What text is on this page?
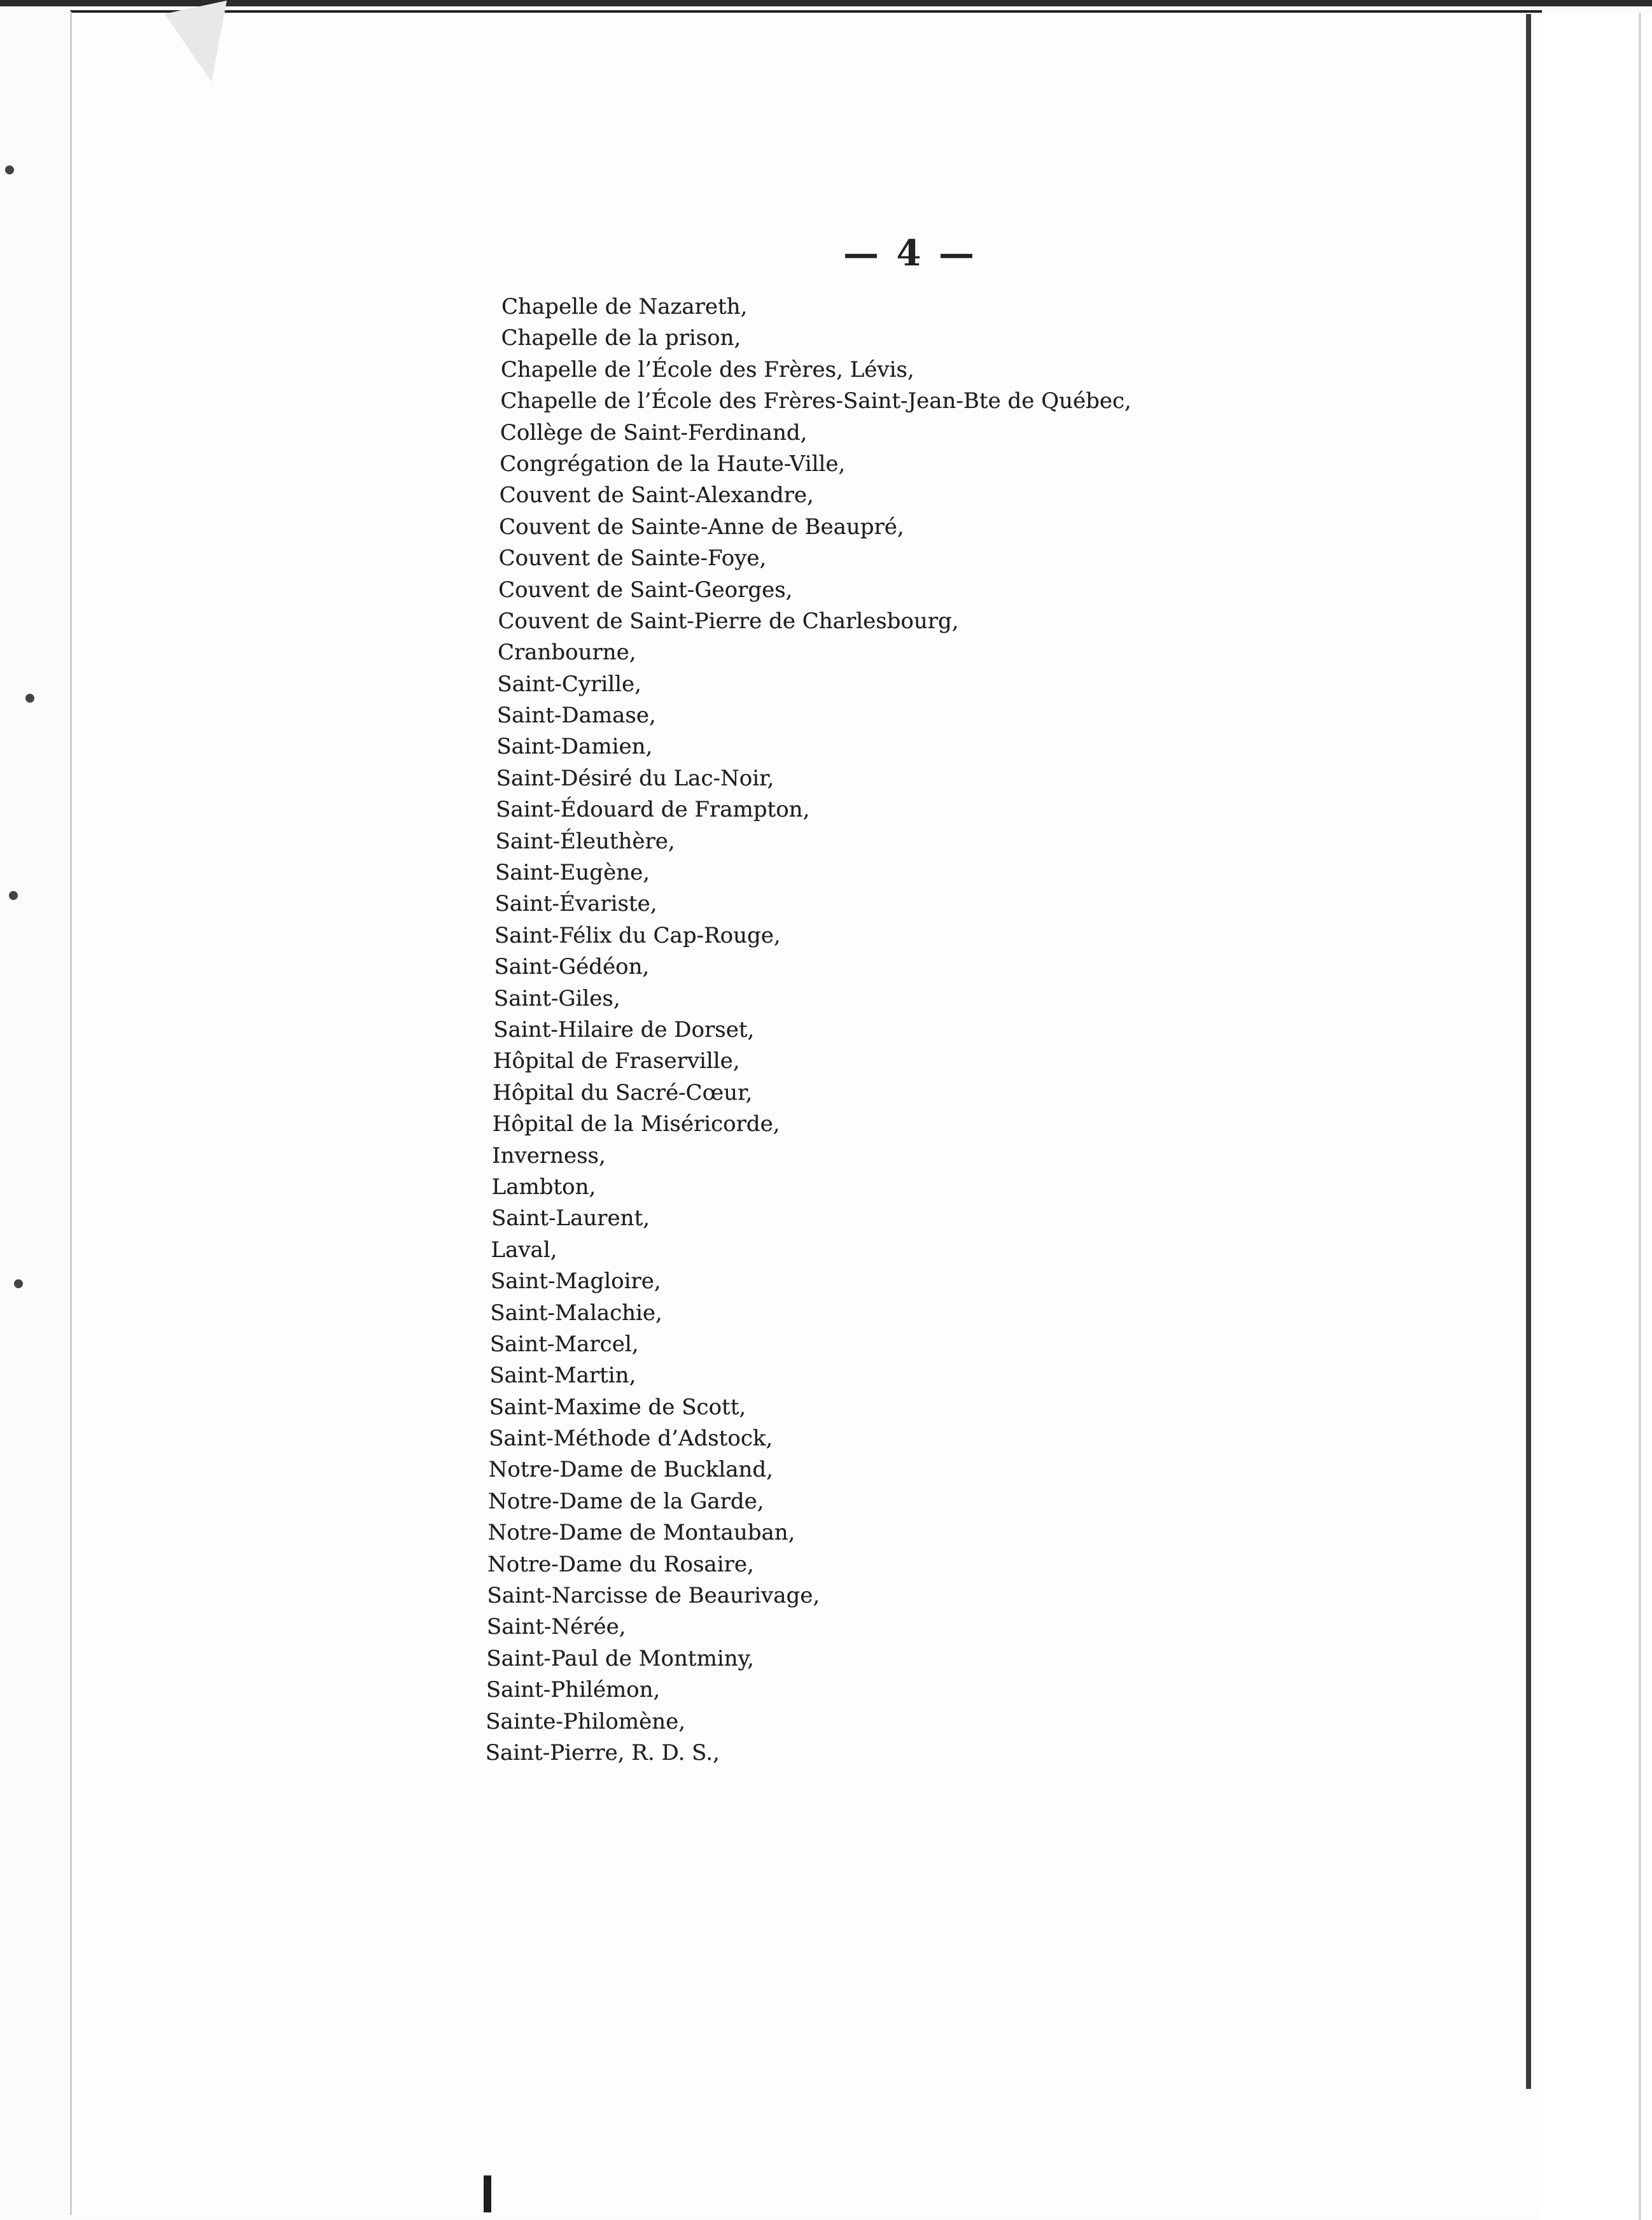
— 4 —
Chapelle de Nazareth,
Chapelle de la prison,
Chapelle de l’École des Frères, Lévis,
Chapelle de l’École des Frères-Saint-Jean-Bte de Québec,
Collège de Saint-Ferdinand,
Congrégation de la Haute-Ville,
Couvent de Saint-Alexandre,
Couvent de Sainte-Anne de Beaupré,
Couvent de Sainte-Foye,
Couvent de Saint-Georges,
Couvent de Saint-Pierre de Charlesbourg,
Cranbourne,
Saint-Cyrille,
Saint-Damase,
Saint-Damien,
Saint-Désiré du Lac-Noir,
Saint-Édouard de Frampton,
Saint-Éleuthère,
Saint-Eugène,
Saint-Évariste,
Saint-Félix du Cap-Rouge,
Saint-Gédéon,
Saint-Giles,
Saint-Hilaire de Dorset,
Hôpital de Fraserville,
Hôpital du Sacré-Cœur,
Hôpital de la Miséricorde,
Inverness,
Lambton,
Saint-Laurent,
Laval,
Saint-Magloire,
Saint-Malachie,
Saint-Marcel,
Saint-Martin,
Saint-Maxime de Scott,
Saint-Méthode d’Adstock,
Notre-Dame de Buckland,
Notre-Dame de la Garde,
Notre-Dame de Montauban,
Notre-Dame du Rosaire,
Saint-Narcisse de Beaurivage,
Saint-Nérée,
Saint-Paul de Montminy,
Saint-Philémon,
Sainte-Philomène,
Saint-Pierre, R. D. S.,
